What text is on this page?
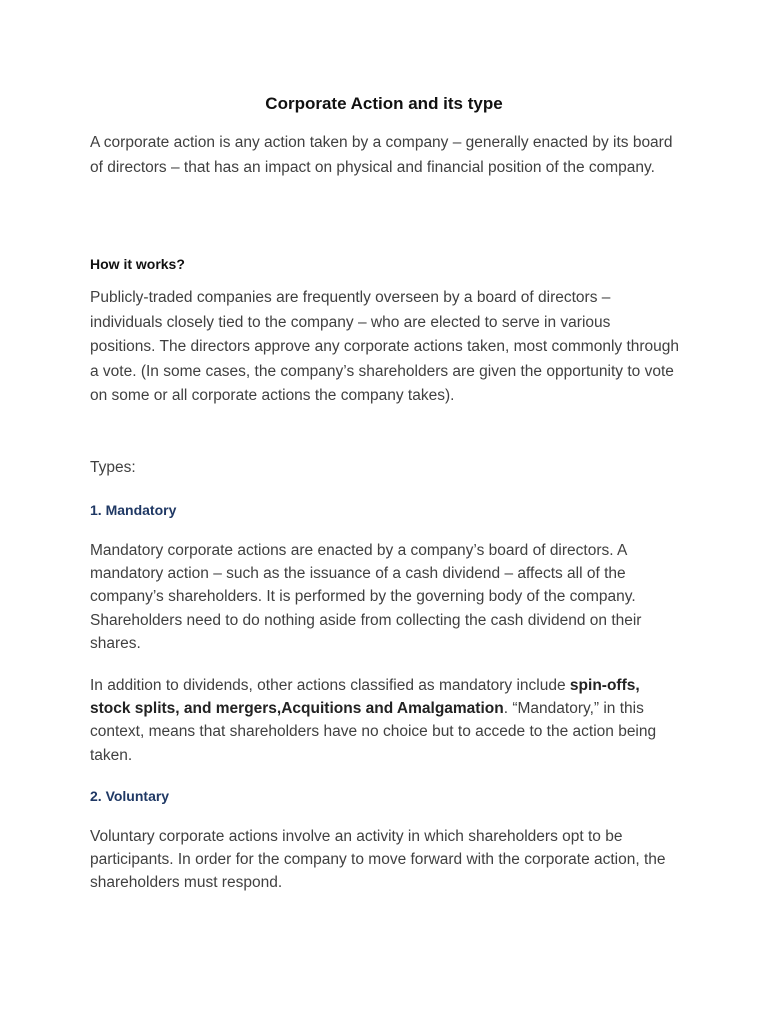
Corporate Action and its type

A corporate action is any action taken by a company – generally enacted by its board of directors – that has an impact on physical and financial position of the company.

How it works?

Publicly-traded companies are frequently overseen by a board of directors – individuals closely tied to the company – who are elected to serve in various positions. The directors approve any corporate actions taken, most commonly through a vote. (In some cases, the company’s shareholders are given the opportunity to vote on some or all corporate actions the company takes).

Types:

1. Mandatory

Mandatory corporate actions are enacted by a company’s board of directors. A mandatory action – such as the issuance of a cash dividend – affects all of the company’s shareholders. It is performed by the governing body of the company. Shareholders need to do nothing aside from collecting the cash dividend on their shares.

In addition to dividends, other actions classified as mandatory include spin-offs, stock splits, and mergers,Acquitions and Amalgamation. “Mandatory,” in this context, means that shareholders have no choice but to accede to the action being taken.

2. Voluntary

Voluntary corporate actions involve an activity in which shareholders opt to be participants. In order for the company to move forward with the corporate action, the shareholders must respond.
